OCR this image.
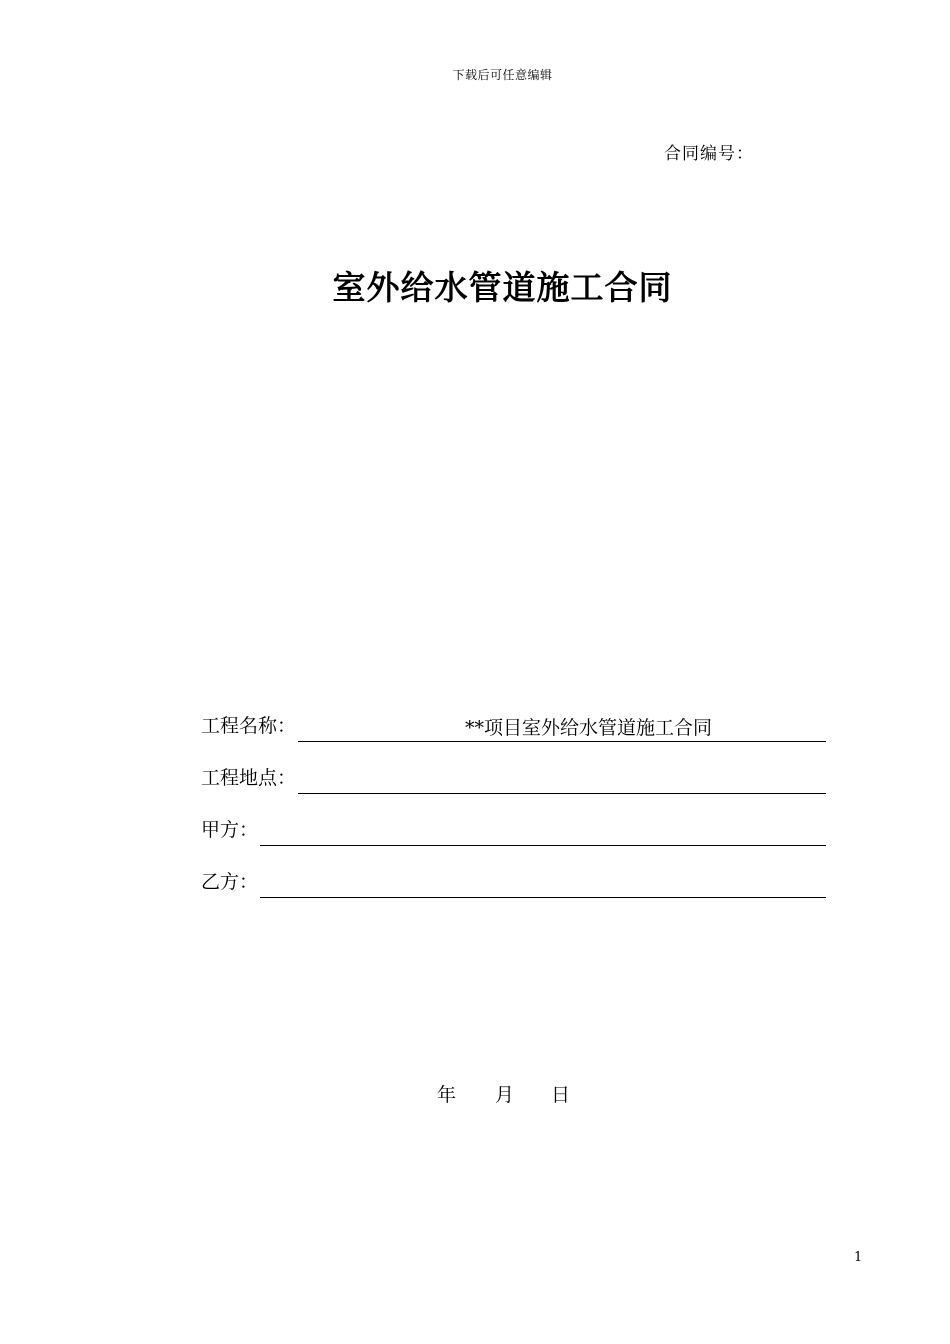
下载后可任意编辑
合同编号：
室外给水管道施工合同
工程名称：	**项目室外给水管道施工合同
工程地点：
甲方：
乙方：
年	月	日
1
